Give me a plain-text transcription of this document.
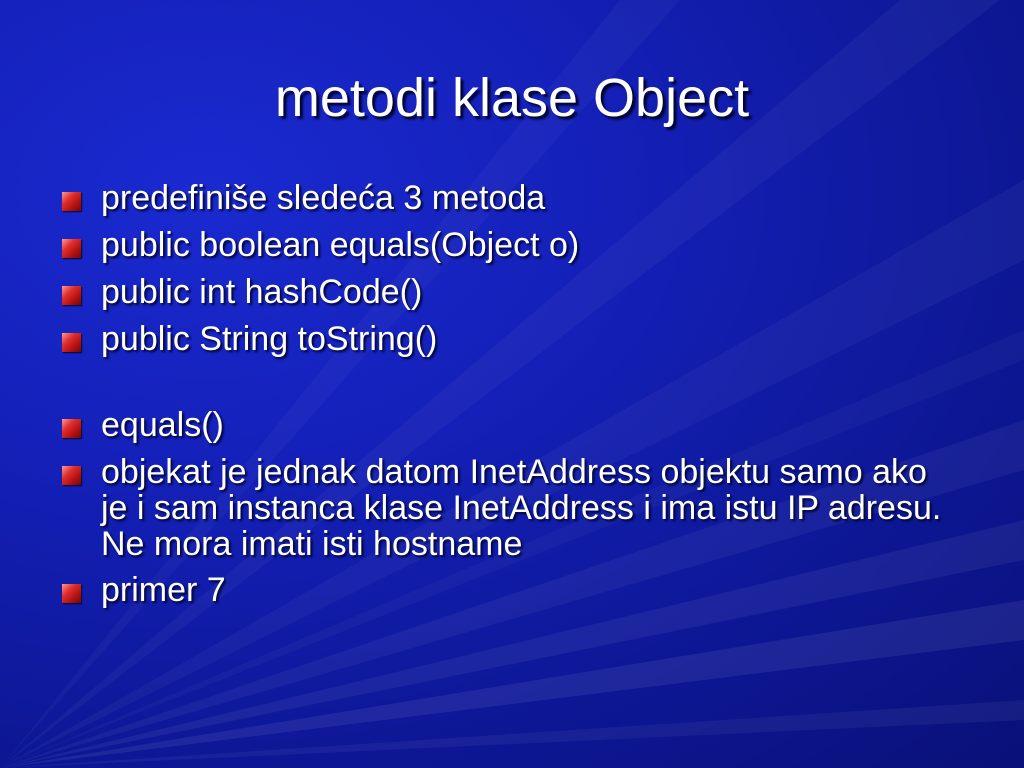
metodi klase Object
predefiniše sledeća 3 metoda
public boolean equals(Object o)
public int hashCode()
public String toString()
equals()
objekat je jednak datom InetAddress objektu samo ako je i sam instanca klase InetAddress i ima istu IP adresu. Ne mora imati isti hostname
primer 7
